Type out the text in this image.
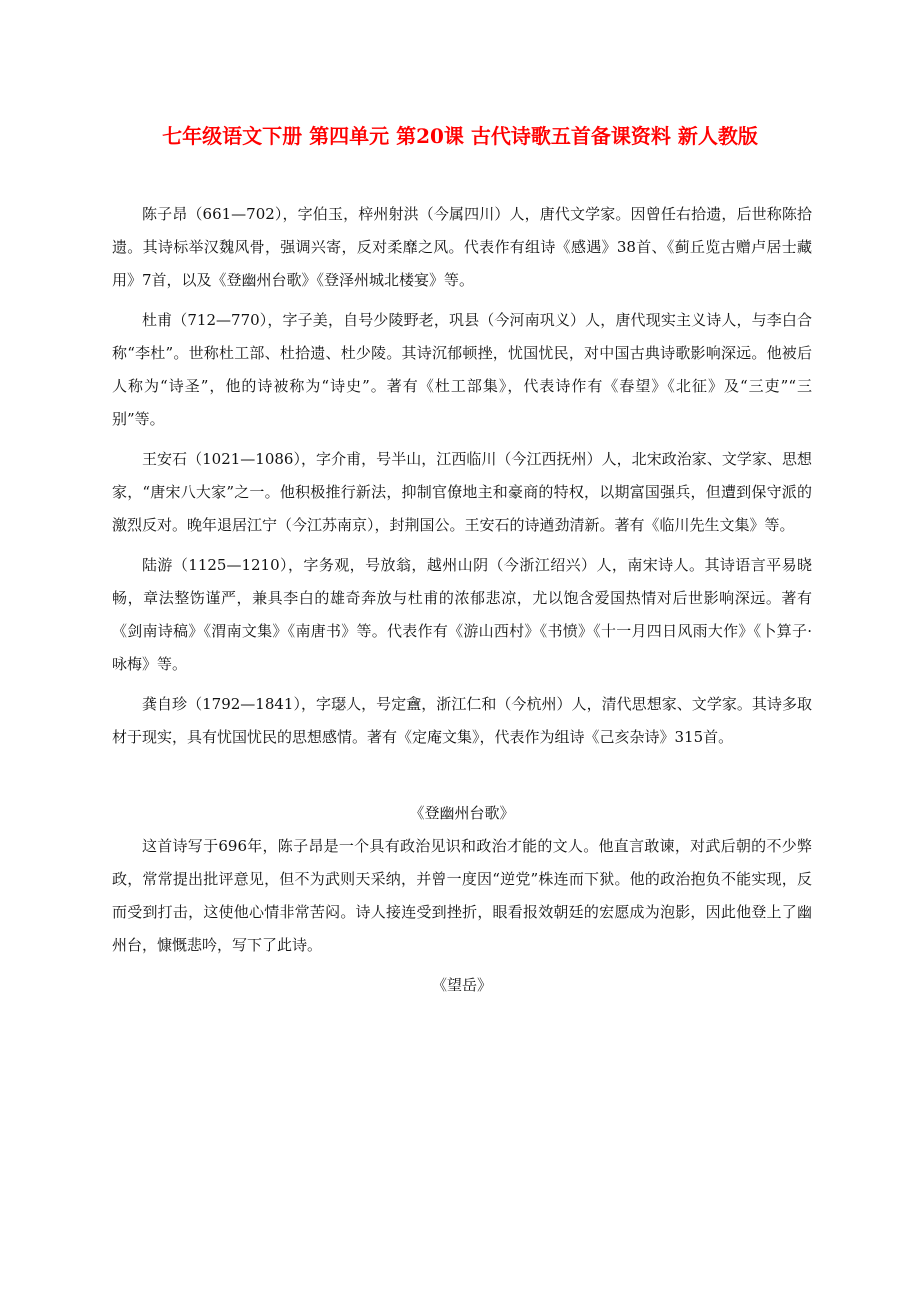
七年级语文下册 第四单元 第20课 古代诗歌五首备课资料 新人教版

陈子昂（661—702），字伯玉，梓州射洪（今属四川）人，唐代文学家。因曾任右拾遗，后世称陈拾遗。其诗标举汉魏风骨，强调兴寄，反对柔靡之风。代表作有组诗《感遇》38首、《蓟丘览古赠卢居士藏用》7首，以及《登幽州台歌》《登泽州城北楼宴》等。

杜甫（712—770），字子美，自号少陵野老，巩县（今河南巩义）人，唐代现实主义诗人，与李白合称“李杜”。世称杜工部、杜拾遗、杜少陵。其诗沉郁顿挫，忧国忧民，对中国古典诗歌影响深远。他被后人称为“诗圣”，他的诗被称为“诗史”。著有《杜工部集》，代表诗作有《春望》《北征》及“三吏”“三别”等。

王安石（1021—1086），字介甫，号半山，江西临川（今江西抚州）人，北宋政治家、文学家、思想家，“唐宋八大家”之一。他积极推行新法，抑制官僚地主和豪商的特权，以期富国强兵，但遭到保守派的激烈反对。晚年退居江宁（今江苏南京），封荆国公。王安石的诗遒劲清新。著有《临川先生文集》等。

陆游（1125—1210），字务观，号放翁，越州山阴（今浙江绍兴）人，南宋诗人。其诗语言平易晓畅，章法整饬谨严，兼具李白的雄奇奔放与杜甫的浓郁悲凉，尤以饱含爱国热情对后世影响深远。著有《剑南诗稿》《渭南文集》《南唐书》等。代表作有《游山西村》《书愤》《十一月四日风雨大作》《卜算子·咏梅》等。

龚自珍（1792—1841），字璱人，号定盦，浙江仁和（今杭州）人，清代思想家、文学家。其诗多取材于现实，具有忧国忧民的思想感情。著有《定庵文集》，代表作为组诗《己亥杂诗》315首。

《登幽州台歌》

这首诗写于696年，陈子昂是一个具有政治见识和政治才能的文人。他直言敢谏，对武后朝的不少弊政，常常提出批评意见，但不为武则天采纳，并曾一度因“逆党”株连而下狱。他的政治抱负不能实现，反而受到打击，这使他心情非常苦闷。诗人接连受到挫折，眼看报效朝廷的宏愿成为泡影，因此他登上了幽州台，慷慨悲吟，写下了此诗。

《望岳》
